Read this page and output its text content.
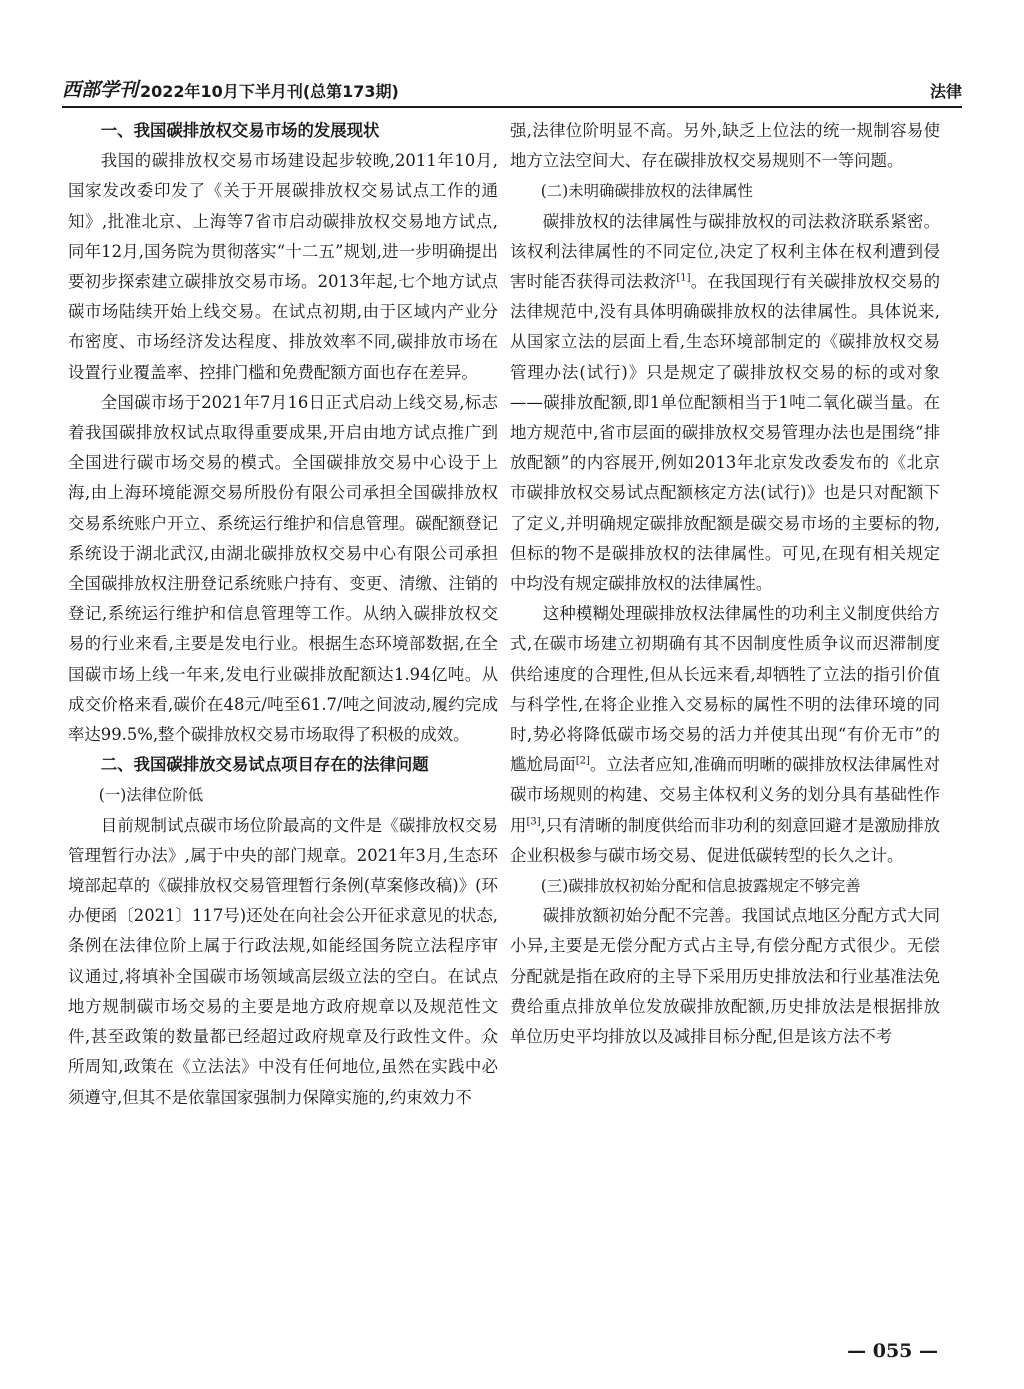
西部学刊 2022年10月下半月刊(总第173期)	法律
一、我国碳排放权交易市场的发展现状

我国的碳排放权交易市场建设起步较晚,2011年10月,国家发改委印发了《关于开展碳排放权交易试点工作的通知》,批准北京、上海等7省市启动碳排放权交易地方试点,同年12月,国务院为贯彻落实“十二五”规划,进一步明确提出要初步探索建立碳排放交易市场。2013年起,七个地方试点碳市场陆续开始上线交易。在试点初期,由于区域内产业分布密度、市场经济发达程度、排放效率不同,碳排放市场在设置行业覆盖率、控排门槛和免费配额方面也存在差异。

全国碳市场于2021年7月16日正式启动上线交易,标志着我国碳排放权试点取得重要成果,开启由地方试点推广到全国进行碳市场交易的模式。全国碳排放交易中心设于上海,由上海环境能源交易所股份有限公司承担全国碳排放权交易系统账户开立、系统运行维护和信息管理。碳配额登记系统设于湖北武汉,由湖北碳排放权交易中心有限公司承担全国碳排放权注册登记系统账户持有、变更、清缴、注销的登记,系统运行维护和信息管理等工作。从纳入碳排放权交易的行业来看,主要是发电行业。根据生态环境部数据,在全国碳市场上线一年来,发电行业碳排放配额达1.94亿吨。从成交价格来看,碳价在48元/吨至61.7/吨之间波动,履约完成率达99.5%,整个碳排放权交易市场取得了积极的成效。

二、我国碳排放交易试点项目存在的法律问题
(一)法律位阶低

目前规制试点碳市场位阶最高的文件是《碳排放权交易管理暂行办法》,属于中央的部门规章。2021年3月,生态环境部起草的《碳排放权交易管理暂行条例(草案修改稿)》(环办便函〔2021〕117号)还处在向社会公开征求意见的状态,条例在法律位阶上属于行政法规,如能经国务院立法程序审议通过,将填补全国碳市场领域高层级立法的空白。在试点地方规制碳市场交易的主要是地方政府规章以及规范性文件,甚至政策的数量都已经超过政府规章及行政性文件。众所周知,政策在《立法法》中没有任何地位,虽然在实践中必须遵守,但其不是依靠国家强制力保障实施的,约束效力不

强,法律位阶明显不高。另外,缺乏上位法的统一规制容易使地方立法空间大、存在碳排放权交易规则不一等问题。

(二)未明确碳排放权的法律属性

碳排放权的法律属性与碳排放权的司法救济联系紧密。该权利法律属性的不同定位,决定了权利主体在权利遭到侵害时能否获得司法救济[1]。在我国现行有关碳排放权交易的法律规范中,没有具体明确碳排放权的法律属性。具体说来,从国家立法的层面上看,生态环境部制定的《碳排放权交易管理办法(试行)》只是规定了碳排放权交易的标的或对象——碳排放配额,即1单位配额相当于1吨二氧化碳当量。在地方规范中,省市层面的碳排放权交易管理办法也是围绕“排放配额”的内容展开,例如2013年北京发改委发布的《北京市碳排放权交易试点配额核定方法(试行)》也是只对配额下了定义,并明确规定碳排放配额是碳交易市场的主要标的物,但标的物不是碳排放权的法律属性。可见,在现有相关规定中均没有规定碳排放权的法律属性。

这种模糊处理碳排放权法律属性的功利主义制度供给方式,在碳市场建立初期确有其不因制度性质争议而迟滞制度供给速度的合理性,但从长远来看,却牺牲了立法的指引价值与科学性,在将企业推入交易标的属性不明的法律环境的同时,势必将降低碳市场交易的活力并使其出现“有价无市”的尴尬局面[2]。立法者应知,准确而明晰的碳排放权法律属性对碳市场规则的构建、交易主体权利义务的划分具有基础性作用[3],只有清晰的制度供给而非功利的刻意回避才是激励排放企业积极参与碳市场交易、促进低碳转型的长久之计。

(三)碳排放权初始分配和信息披露规定不够完善

碳排放额初始分配不完善。我国试点地区分配方式大同小异,主要是无偿分配方式占主导,有偿分配方式很少。无偿分配就是指在政府的主导下采用历史排放法和行业基准法免费给重点排放单位发放碳排放配额,历史排放法是根据排放单位历史平均排放以及减排目标分配,但是该方法不考

— 055 —
